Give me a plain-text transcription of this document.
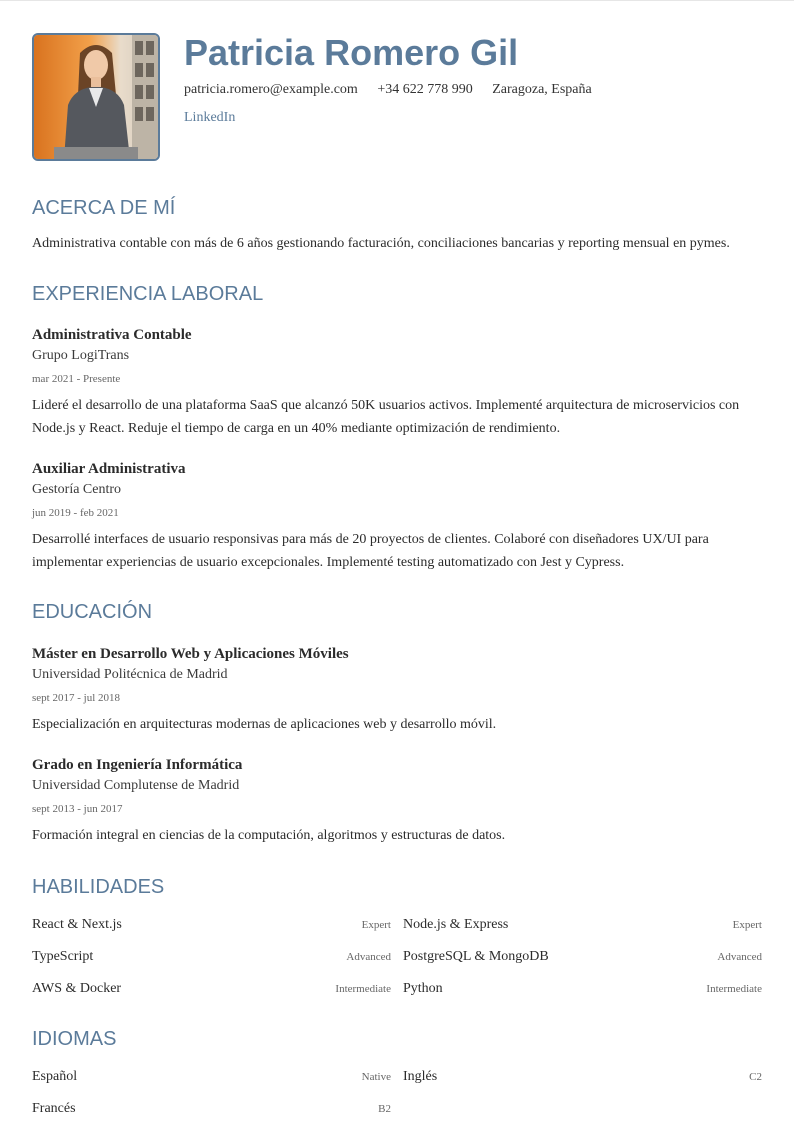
Patricia Romero Gil
patricia.romero@example.com +34 622 778 990 Zaragoza, España
LinkedIn
ACERCA DE MÍ
Administrativa contable con más de 6 años gestionando facturación, conciliaciones bancarias y reporting mensual en pymes.
EXPERIENCIA LABORAL
Administrativa Contable
Grupo LogiTrans
mar 2021 - Presente
Lideré el desarrollo de una plataforma SaaS que alcanzó 50K usuarios activos. Implementé arquitectura de microservicios con Node.js y React. Reduje el tiempo de carga en un 40% mediante optimización de rendimiento.
Auxiliar Administrativa
Gestoría Centro
jun 2019 - feb 2021
Desarrollé interfaces de usuario responsivas para más de 20 proyectos de clientes. Colaboré con diseñadores UX/UI para implementar experiencias de usuario excepcionales. Implementé testing automatizado con Jest y Cypress.
EDUCACIÓN
Máster en Desarrollo Web y Aplicaciones Móviles
Universidad Politécnica de Madrid
sept 2017 - jul 2018
Especialización en arquitecturas modernas de aplicaciones web y desarrollo móvil.
Grado en Ingeniería Informática
Universidad Complutense de Madrid
sept 2013 - jun 2017
Formación integral en ciencias de la computación, algoritmos y estructuras de datos.
HABILIDADES
React & Next.js	Expert Node.js & Express	Expert
TypeScript	Advanced PostgreSQL & MongoDB	Advanced
AWS & Docker	Intermediate Python	Intermediate
IDIOMAS
Español	Native Inglés	C2
Francés	B2
